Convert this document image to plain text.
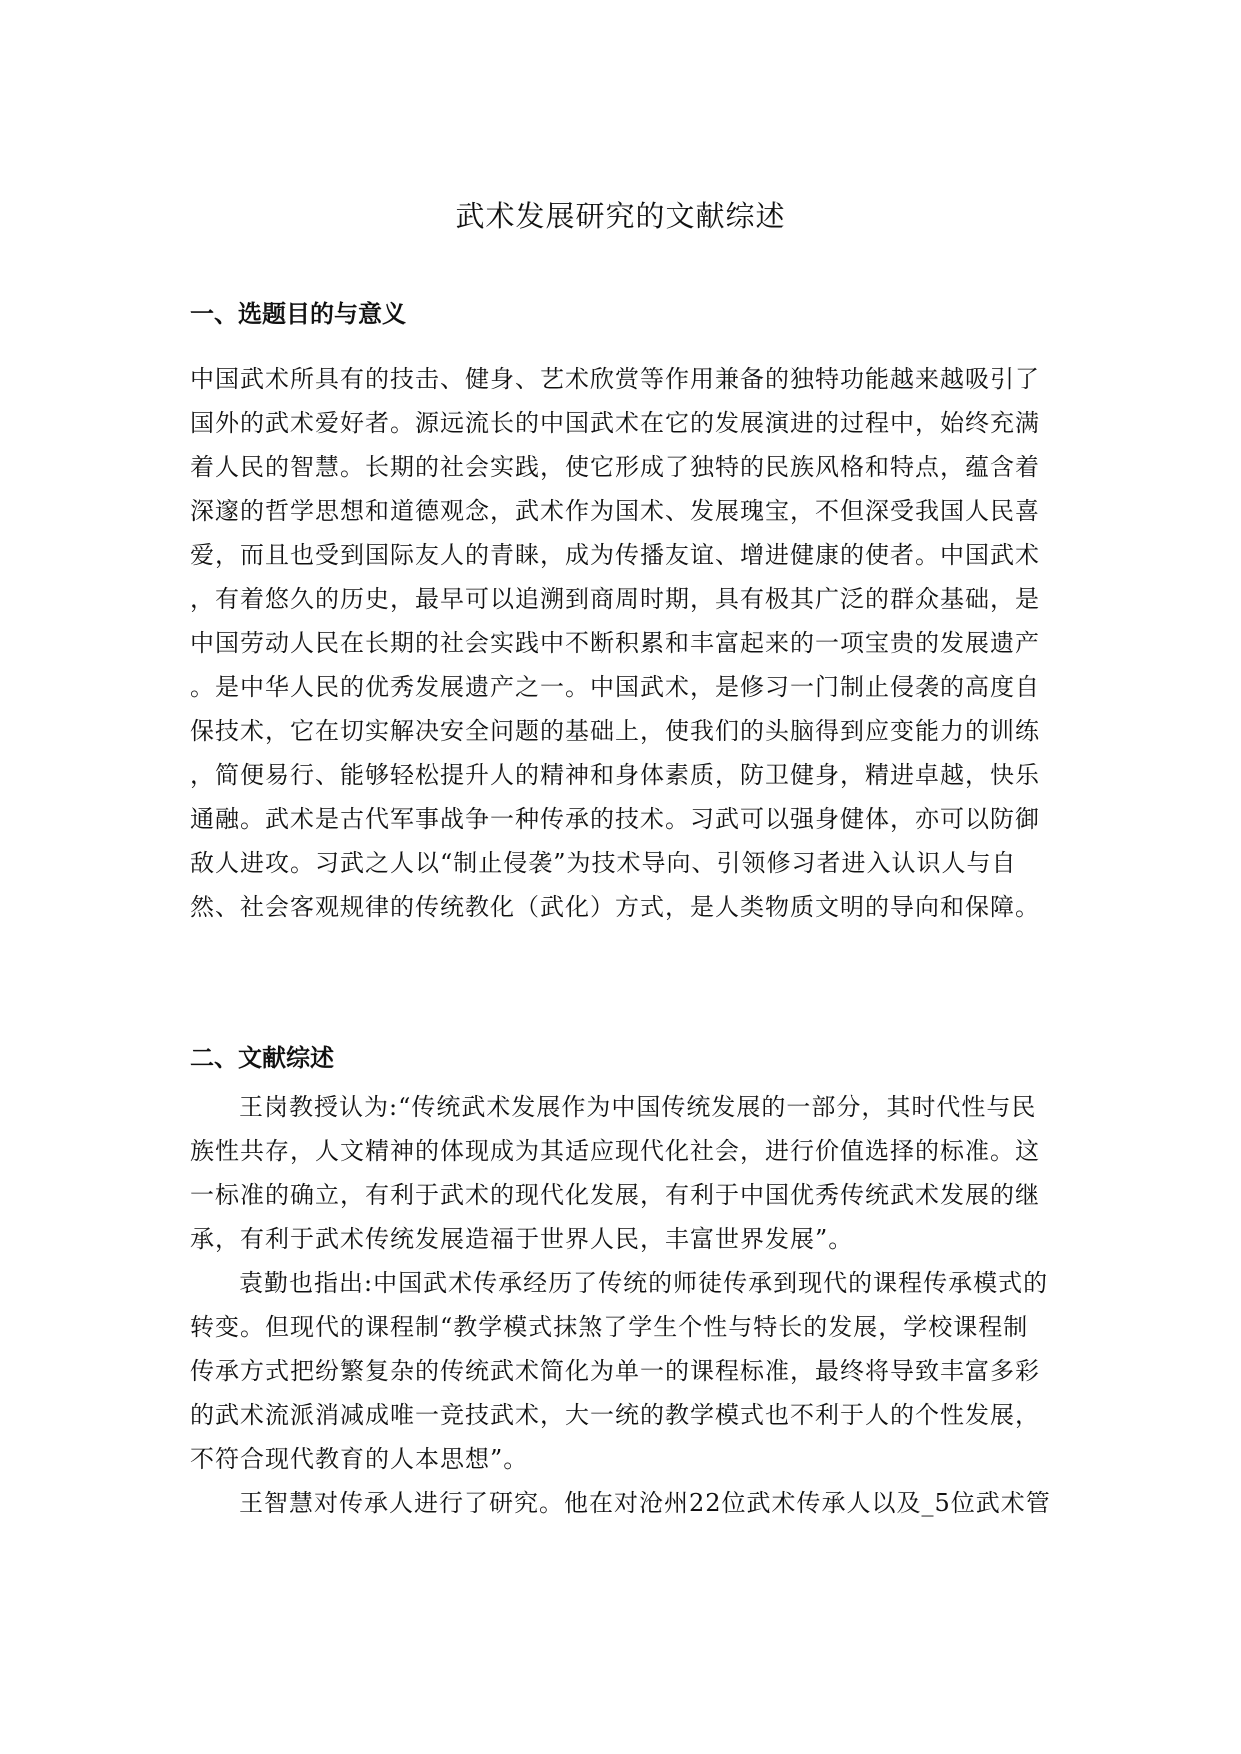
武术发展研究的文献综述
一、选题目的与意义
中国武术所具有的技击、健身、艺术欣赏等作用兼备的独特功能越来越吸引了
国外的武术爱好者。源远流长的中国武术在它的发展演进的过程中，始终充满
着人民的智慧。长期的社会实践，使它形成了独特的民族风格和特点，蕴含着
深邃的哲学思想和道德观念，武术作为国术、发展瑰宝，不但深受我国人民喜
爱，而且也受到国际友人的青睐，成为传播友谊、增进健康的使者。中国武术
，有着悠久的历史，最早可以追溯到商周时期，具有极其广泛的群众基础，是
中国劳动人民在长期的社会实践中不断积累和丰富起来的一项宝贵的发展遗产
。是中华人民的优秀发展遗产之一。中国武术，是修习一门制止侵袭的高度自
保技术，它在切实解决安全问题的基础上，使我们的头脑得到应变能力的训练
，简便易行、能够轻松提升人的精神和身体素质，防卫健身，精进卓越，快乐
通融。武术是古代军事战争一种传承的技术。习武可以强身健体，亦可以防御
敌人进攻。习武之人以“制止侵袭”为技术导向、引领修习者进入认识人与自
然、社会客观规律的传统教化（武化）方式，是人类物质文明的导向和保障。
二、文献综述
王岗教授认为:“传统武术发展作为中国传统发展的一部分，其时代性与民
族性共存，人文精神的体现成为其适应现代化社会，进行价值选择的标准。这
一标准的确立，有利于武术的现代化发展，有利于中国优秀传统武术发展的继
承，有利于武术传统发展造福于世界人民，丰富世界发展”。
袁勤也指出:中国武术传承经历了传统的师徒传承到现代的课程传承模式的
转变。但现代的课程制“教学模式抹煞了学生个性与特长的发展，学校课程制
传承方式把纷繁复杂的传统武术简化为单一的课程标准，最终将导致丰富多彩
的武术流派消减成唯一竞技武术，大一统的教学模式也不利于人的个性发展，
不符合现代教育的人本思想”。
王智慧对传承人进行了研究。他在对沧州22位武术传承人以及_5位武术管
